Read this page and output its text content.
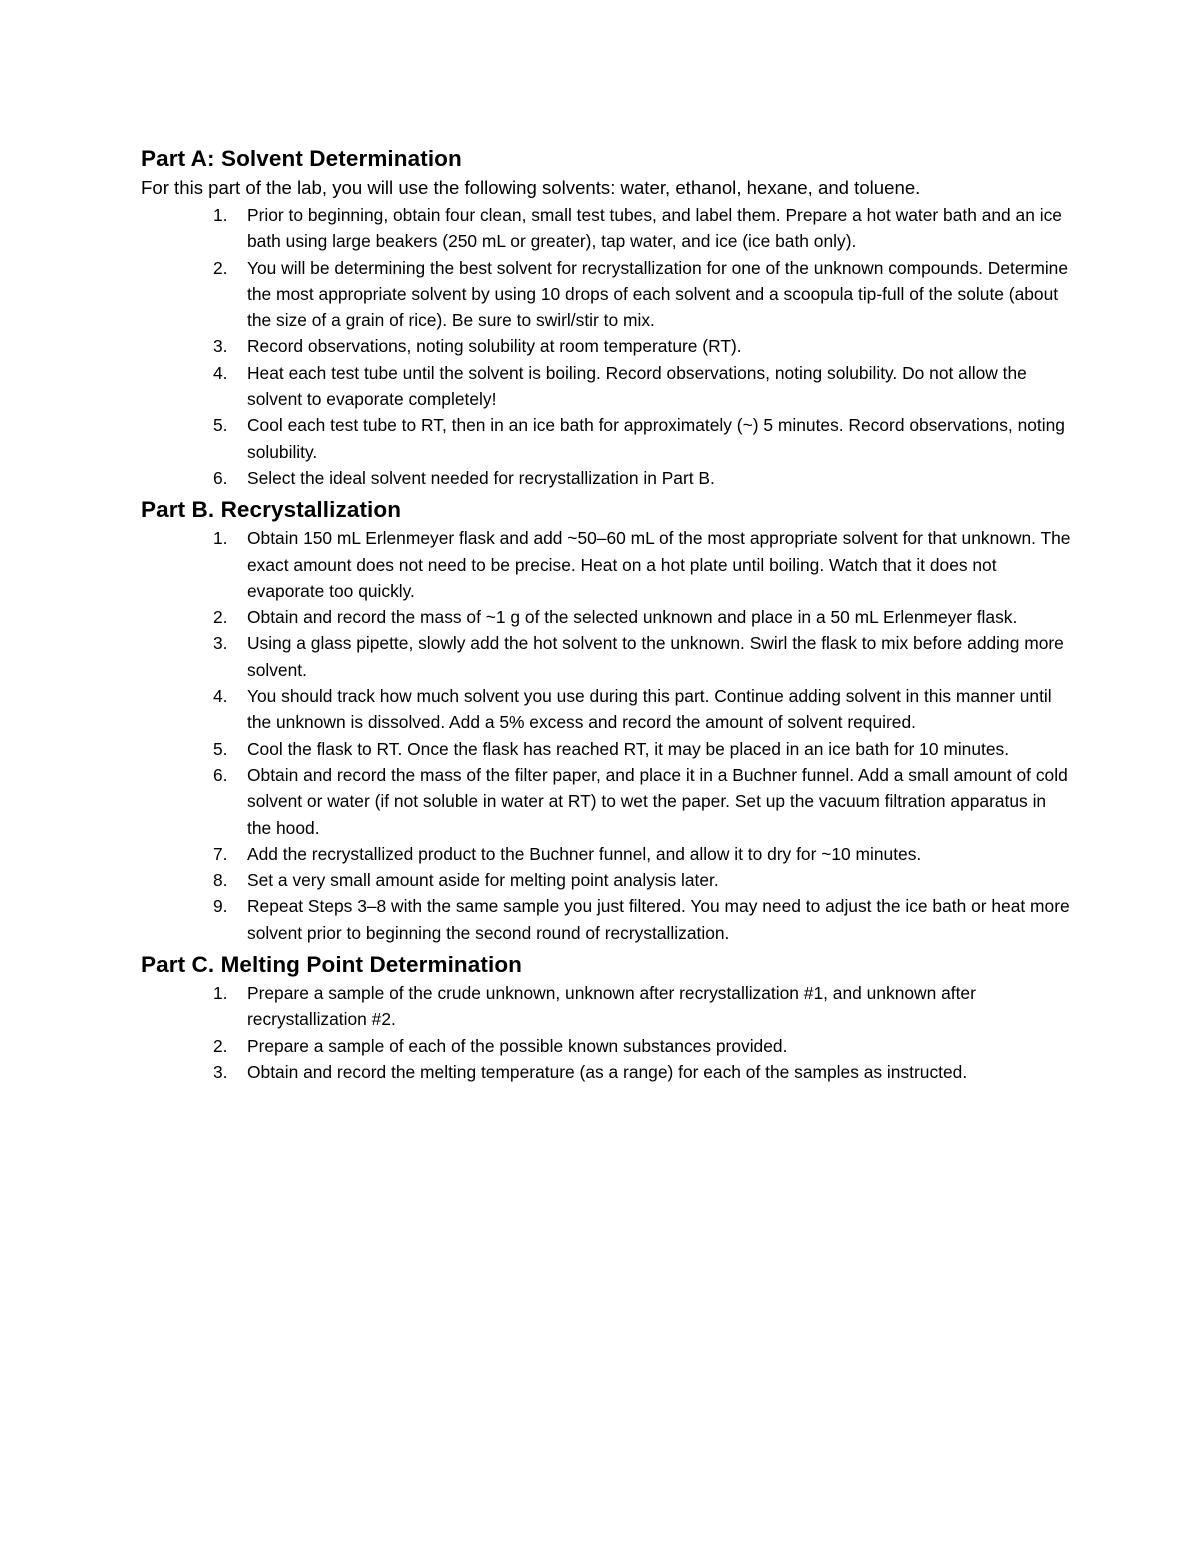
Part A: Solvent Determination

For this part of the lab, you will use the following solvents: water, ethanol, hexane, and toluene.

1. Prior to beginning, obtain four clean, small test tubes, and label them. Prepare a hot water bath and an ice bath using large beakers (250 mL or greater), tap water, and ice (ice bath only).
2. You will be determining the best solvent for recrystallization for one of the unknown compounds. Determine the most appropriate solvent by using 10 drops of each solvent and a scoopula tip-full of the solute (about the size of a grain of rice). Be sure to swirl/stir to mix.
3. Record observations, noting solubility at room temperature (RT).
4. Heat each test tube until the solvent is boiling. Record observations, noting solubility. Do not allow the solvent to evaporate completely!
5. Cool each test tube to RT, then in an ice bath for approximately (~) 5 minutes. Record observations, noting solubility.
6. Select the ideal solvent needed for recrystallization in Part B.
Part B. Recrystallization
1. Obtain 150 mL Erlenmeyer flask and add ~50–60 mL of the most appropriate solvent for that unknown. The exact amount does not need to be precise. Heat on a hot plate until boiling. Watch that it does not evaporate too quickly.
2. Obtain and record the mass of ~1 g of the selected unknown and place in a 50 mL Erlenmeyer flask.
3. Using a glass pipette, slowly add the hot solvent to the unknown. Swirl the flask to mix before adding more solvent.
4. You should track how much solvent you use during this part. Continue adding solvent in this manner until the unknown is dissolved. Add a 5% excess and record the amount of solvent required.
5. Cool the flask to RT. Once the flask has reached RT, it may be placed in an ice bath for 10 minutes.
6. Obtain and record the mass of the filter paper, and place it in a Buchner funnel. Add a small amount of cold solvent or water (if not soluble in water at RT) to wet the paper. Set up the vacuum filtration apparatus in the hood.
7. Add the recrystallized product to the Buchner funnel, and allow it to dry for ~10 minutes.
8. Set a very small amount aside for melting point analysis later.
9. Repeat Steps 3–8 with the same sample you just filtered. You may need to adjust the ice bath or heat more solvent prior to beginning the second round of recrystallization.
Part C. Melting Point Determination
1. Prepare a sample of the crude unknown, unknown after recrystallization #1, and unknown after recrystallization #2.
2. Prepare a sample of each of the possible known substances provided.
3. Obtain and record the melting temperature (as a range) for each of the samples as instructed.
